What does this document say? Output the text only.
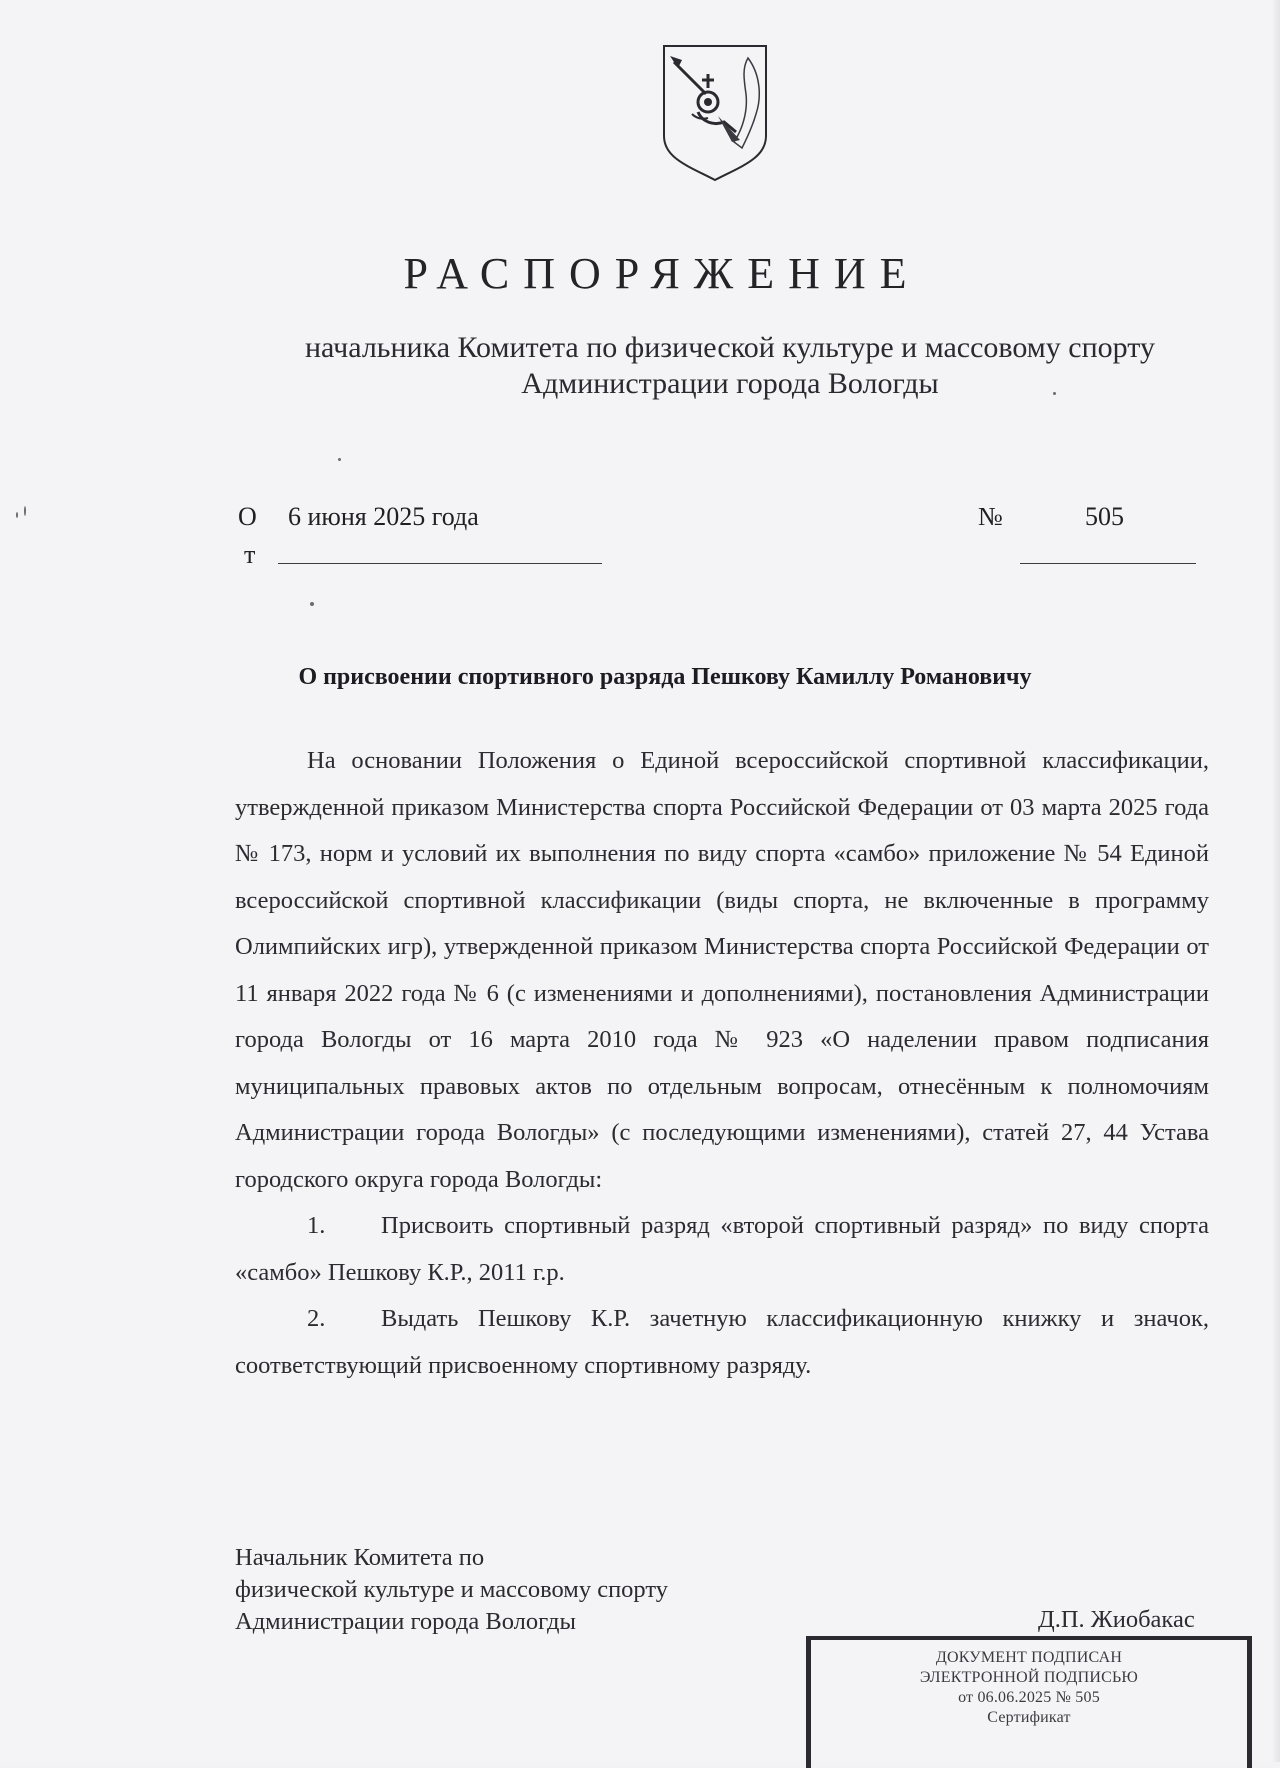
РАСПОРЯЖЕНИЕ
начальника Комитета по физической культуре и массовому спорту
Администрации города Вологды
О
т
6 июня 2025 года	№	505
О присвоении спортивного разряда Пешкову Камиллу Романовичу

На основании Положения о Единой всероссийской спортивной классификации, утвержденной приказом Министерства спорта Российской Федерации от 03 марта 2025 года № 173, норм и условий их выполнения по виду спорта «самбо» приложение № 54 Единой всероссийской спортивной классификации (виды спорта, не включенные в программу Олимпийских игр), утвержденной приказом Министерства спорта Российской Федерации от 11 января 2022 года № 6 (с изменениями и дополнениями), постановления Администрации города Вологды от 16 марта 2010 года № 923 «О наделении правом подписания муниципальных правовых актов по отдельным вопросам, отнесённым к полномочиям Администрации города Вологды» (с последующими изменениями), статей 27, 44 Устава городского округа города Вологды:

1. Присвоить спортивный разряд «второй спортивный разряд» по виду спорта «самбо» Пешкову К.Р., 2011 г.р.

2. Выдать Пешкову К.Р. зачетную классификационную книжку и значок, соответствующий присвоенному спортивному разряду.

Начальник Комитета по
физической культуре и массовому спорту
Администрации города Вологды	Д.П. Жиобакас
ДОКУМЕНТ ПОДПИСАН
ЭЛЕКТРОННОЙ ПОДПИСЬЮ
от 06.06.2025 № 505
Сертификат
